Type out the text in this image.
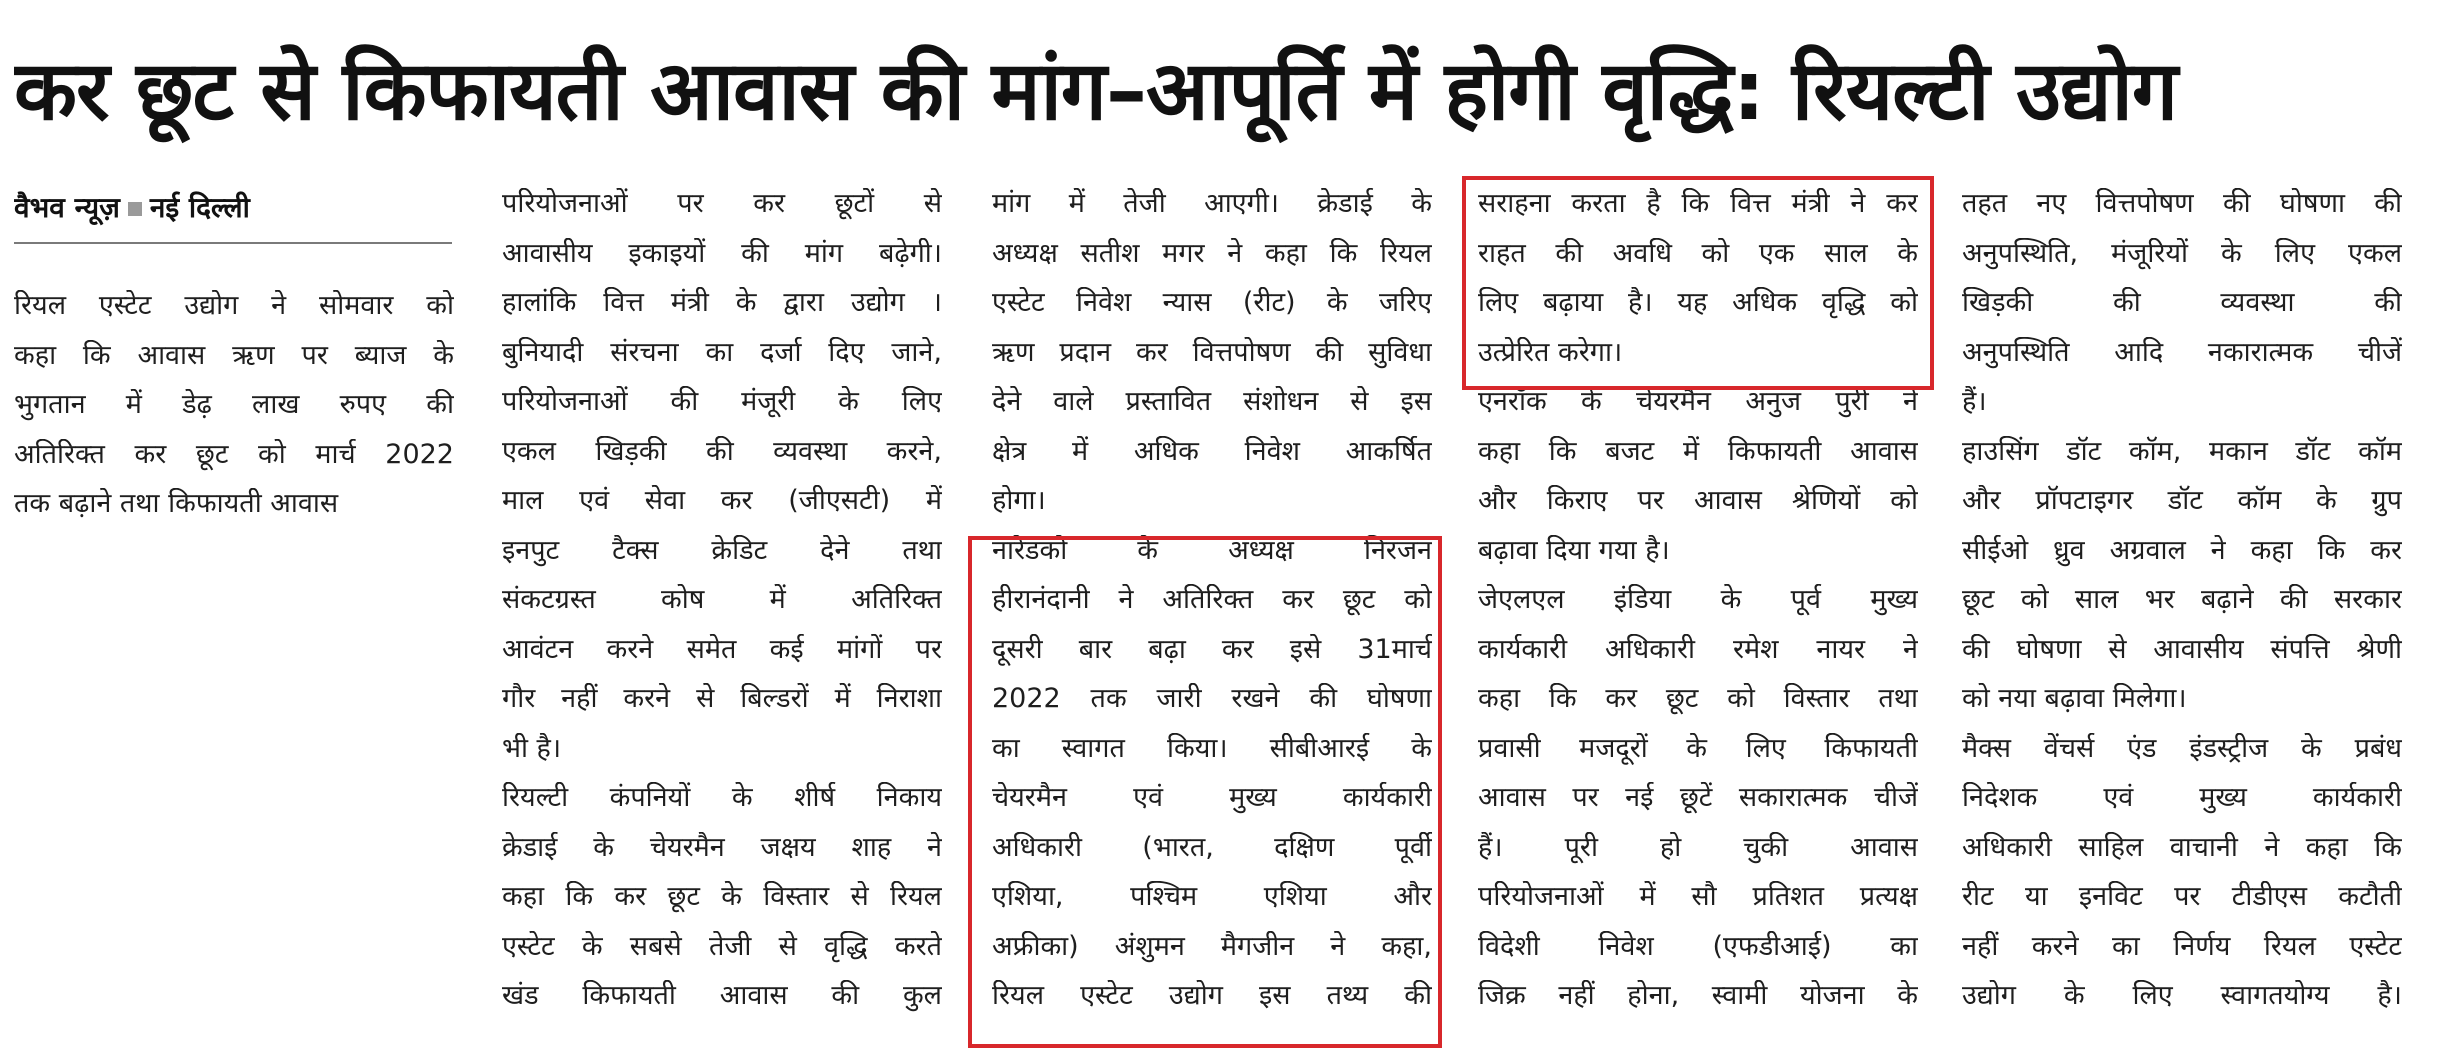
कर छूट से किफायती आवास की मांग–आपूर्ति में होगी वृद्धि: रियल्टी उद्योग
वैभव न्यूज़ नई दिल्ली
रियल एस्टेट उद्योग ने सोमवार को
कहा कि आवास ऋण पर ब्याज के
भुगतान में डेढ़ लाख रुपए की
अतिरिक्त कर छूट को मार्च 2022
तक बढ़ाने तथा किफायती आवास
परियोजनाओं पर कर छूटों से
आवासीय इकाइयों की मांग बढ़ेगी।
हालांकि वित्त मंत्री के द्वारा उद्योग ।
बुनियादी संरचना का दर्जा दिए जाने,
परियोजनाओं की मंजूरी के लिए
एकल खिड़की की व्यवस्था करने,
माल एवं सेवा कर (जीएसटी) में
इनपुट टैक्स क्रेडिट देने तथा
संकटग्रस्त कोष में अतिरिक्त
आवंटन करने समेत कई मांगों पर
गौर नहीं करने से बिल्डरों में निराशा
भी है।
रियल्टी कंपनियों के शीर्ष निकाय
क्रेडाई के चेयरमैन जक्षय शाह ने
कहा कि कर छूट के विस्तार से रियल
एस्टेट के सबसे तेजी से वृद्धि करते
खंड किफायती आवास की कुल
मांग में तेजी आएगी। क्रेडाई के
अध्यक्ष सतीश मगर ने कहा कि रियल
एस्टेट निवेश न्यास (रीट) के जरिए
ऋण प्रदान कर वित्तपोषण की सुविधा
देने वाले प्रस्तावित संशोधन से इस
क्षेत्र में अधिक निवेश आकर्षित
होगा।
नारेडको के अध्यक्ष निरंजन
हीरानंदानी ने अतिरिक्त कर छूट को
दूसरी बार बढ़ा कर इसे 31मार्च
2022 तक जारी रखने की घोषणा
का स्वागत किया। सीबीआरई के
चेयरमैन एवं मुख्य कार्यकारी
अधिकारी (भारत, दक्षिण पूर्वी
एशिया, पश्चिम एशिया और
अफ्रीका) अंशुमन मैगजीन ने कहा,
रियल एस्टेट उद्योग इस तथ्य की
सराहना करता है कि वित्त मंत्री ने कर
राहत की अवधि को एक साल के
लिए बढ़ाया है। यह अधिक वृद्धि को
उत्प्रेरित करेगा।
एनरॉक के चेयरमैन अनुज पुरी ने
कहा कि बजट में किफायती आवास
और किराए पर आवास श्रेणियों को
बढ़ावा दिया गया है।
जेएलएल इंडिया के पूर्व मुख्य
कार्यकारी अधिकारी रमेश नायर ने
कहा कि कर छूट को विस्तार तथा
प्रवासी मजदूरों के लिए किफायती
आवास पर नई छूटें सकारात्मक चीजें
हैं। पूरी हो चुकी आवास
परियोजनाओं में सौ प्रतिशत प्रत्यक्ष
विदेशी निवेश (एफडीआई) का
जिक्र नहीं होना, स्वामी योजना के
तहत नए वित्तपोषण की घोषणा की
अनुपस्थिति, मंजूरियों के लिए एकल
खिड़की की व्यवस्था की
अनुपस्थिति आदि नकारात्मक चीजें
हैं।
हाउसिंग डॉट कॉम, मकान डॉट कॉम
और प्रॉपटाइगर डॉट कॉम के ग्रुप
सीईओ ध्रुव अग्रवाल ने कहा कि कर
छूट को साल भर बढ़ाने की सरकार
की घोषणा से आवासीय संपत्ति श्रेणी
को नया बढ़ावा मिलेगा।
मैक्स वेंचर्स एंड इंडस्ट्रीज के प्रबंध
निदेशक एवं मुख्य कार्यकारी
अधिकारी साहिल वाचानी ने कहा कि
रीट या इनविट पर टीडीएस कटौती
नहीं करने का निर्णय रियल एस्टेट
उद्योग के लिए स्वागतयोग्य है।
